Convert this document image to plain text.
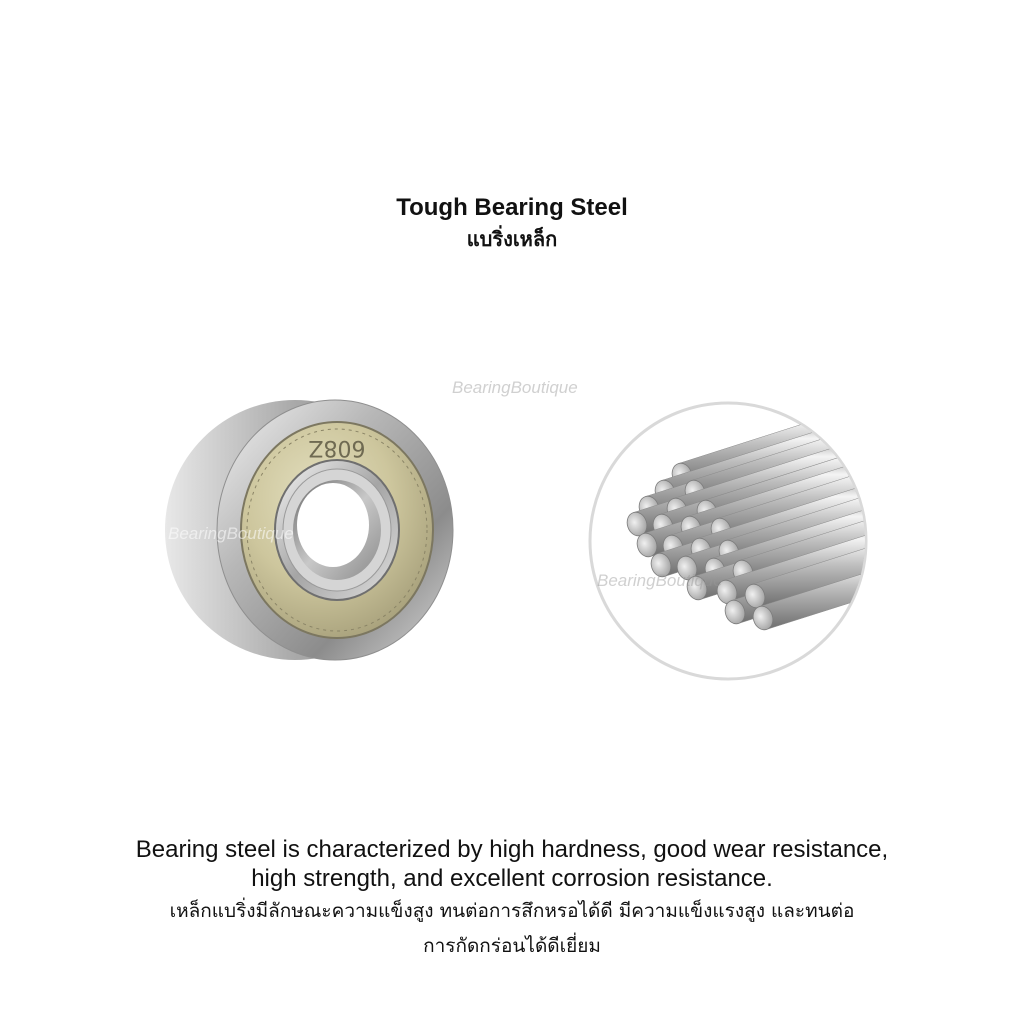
Tough Bearing Steel
แบริ่งเหล็ก
BearingBoutique
608Z
BearingBoutique
BearingBoutique
Bearing steel is characterized by high hardness, good wear resistance,
high strength, and excellent corrosion resistance.
เหล็กแบริ่งมีลักษณะความแข็งสูง ทนต่อการสึกหรอได้ดี มีความแข็งแรงสูง และทนต่อ
การกัดกร่อนได้ดีเยี่ยม
